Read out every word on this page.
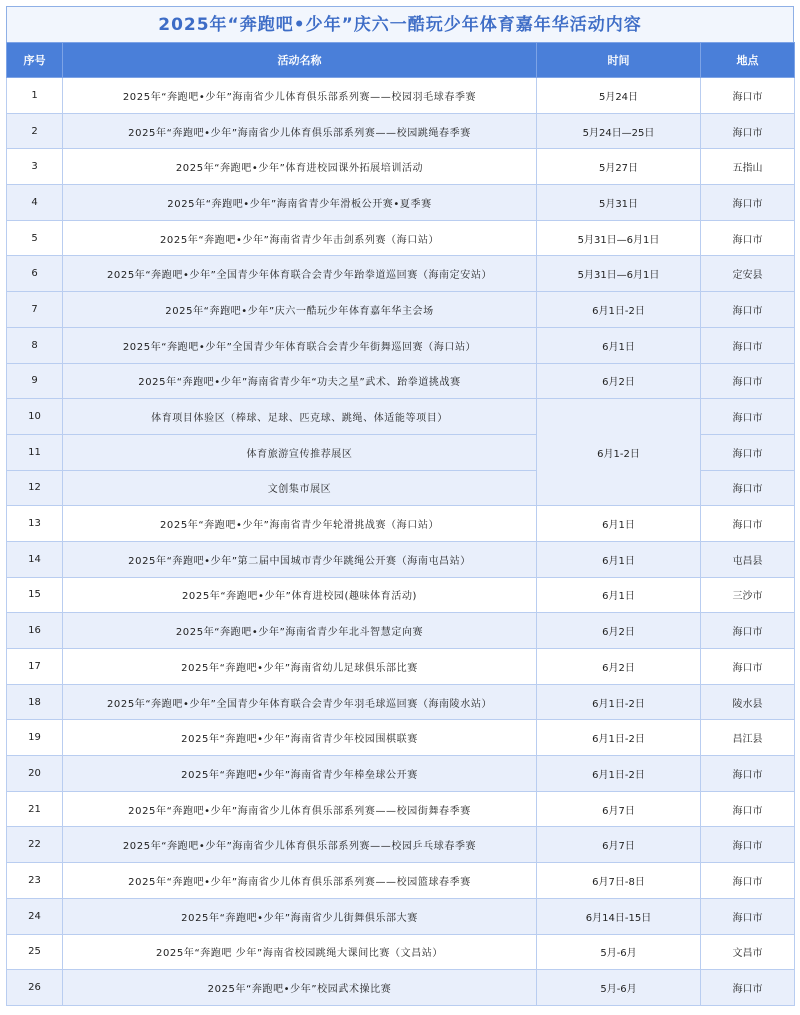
2025年“奔跑吧•少年”庆六一酷玩少年体育嘉年华活动内容
序号	活动名称	时间	地点
1	2025年“奔跑吧•少年”海南省少儿体育俱乐部系列赛——校园羽毛球春季赛	5月24日	海口市
2	2025年“奔跑吧•少年”海南省少儿体育俱乐部系列赛——校园跳绳春季赛	5月24日—25日	海口市
3	2025年“奔跑吧•少年”体育进校园课外拓展培训活动	5月27日	五指山
4	2025年“奔跑吧•少年”海南省青少年滑板公开赛•夏季赛	5月31日	海口市
5	2025年“奔跑吧•少年”海南省青少年击剑系列赛（海口站）	5月31日—6月1日	海口市
6	2025年“奔跑吧•少年”全国青少年体育联合会青少年跆拳道巡回赛（海南定安站）	5月31日—6月1日	定安县
7	2025年“奔跑吧•少年”庆六一酷玩少年体育嘉年华主会场	6月1日-2日	海口市
8	2025年“奔跑吧•少年”全国青少年体育联合会青少年街舞巡回赛（海口站）	6月1日	海口市
9	2025年“奔跑吧•少年”海南省青少年“功夫之星”武术、跆拳道挑战赛	6月2日	海口市
10	体育项目体验区（棒球、足球、匹克球、跳绳、体适能等项目）	6月1-2日	海口市
11	体育旅游宣传推荐展区		海口市
12	文创集市展区		海口市
13	2025年“奔跑吧•少年”海南省青少年轮滑挑战赛（海口站）	6月1日	海口市
14	2025年“奔跑吧•少年”第二届中国城市青少年跳绳公开赛（海南屯昌站）	6月1日	屯昌县
15	2025年“奔跑吧•少年”体育进校园(趣味体育活动)	6月1日	三沙市
16	2025年“奔跑吧•少年”海南省青少年北斗智慧定向赛	6月2日	海口市
17	2025年“奔跑吧•少年”海南省幼儿足球俱乐部比赛	6月2日	海口市
18	2025年“奔跑吧•少年”全国青少年体育联合会青少年羽毛球巡回赛（海南陵水站）	6月1日-2日	陵水县
19	2025年“奔跑吧•少年”海南省青少年校园围棋联赛	6月1日-2日	昌江县
20	2025年“奔跑吧•少年”海南省青少年棒垒球公开赛	6月1日-2日	海口市
21	2025年“奔跑吧•少年”海南省少儿体育俱乐部系列赛——校园街舞春季赛	6月7日	海口市
22	2025年“奔跑吧•少年”海南省少儿体育俱乐部系列赛——校园乒乓球春季赛	6月7日	海口市
23	2025年“奔跑吧•少年”海南省少儿体育俱乐部系列赛——校园篮球春季赛	6月7日-8日	海口市
24	2025年“奔跑吧•少年”海南省少儿街舞俱乐部大赛	6月14日-15日	海口市
25	2025年“奔跑吧 少年”海南省校园跳绳大课间比赛（文昌站）	5月-6月	文昌市
26	2025年“奔跑吧•少年”校园武术操比赛	5月-6月	海口市
